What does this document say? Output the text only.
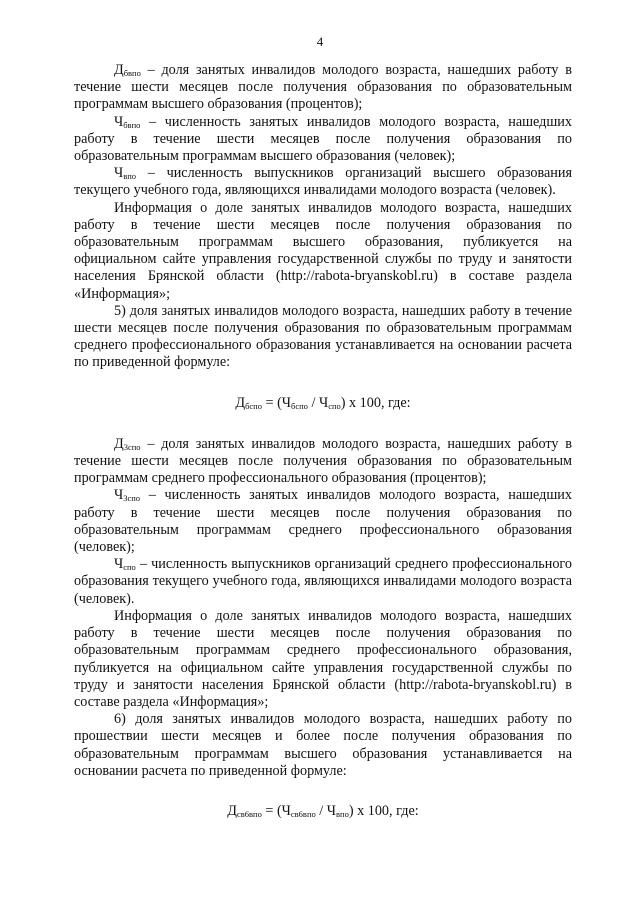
4

$Д_{бвпо}$ – доля занятых инвалидов молодого возраста, нашедших работу в течение шести месяцев после получения образования по образовательным программам высшего образования (процентов);

$Ч_{бвпо}$ – численность занятых инвалидов молодого возраста, нашедших работу в течение шести месяцев после получения образования по образовательным программам высшего образования (человек);

$Ч_{впо}$ – численность выпускников организаций высшего образования текущего учебного года, являющихся инвалидами молодого возраста (человек).

Информация о доле занятых инвалидов молодого возраста, нашедших работу в течение шести месяцев после получения образования по образовательным программам высшего образования, публикуется на официальном сайте управления государственной службы по труду и занятости населения Брянской области (http://rabota-bryanskobl.ru) в составе раздела «Информация»;

5) доля занятых инвалидов молодого возраста, нашедших работу в течение шести месяцев после получения образования по образовательным программам среднего профессионального образования устанавливается на основании расчета по приведенной формуле:

$Д_{бспо} = (Ч_{бспо} / Ч_{спо})$ х 100, где:

$Д_{3спо}$ – доля занятых инвалидов молодого возраста, нашедших работу в течение шести месяцев после получения образования по образовательным программам среднего профессионального образования (процентов);

$Ч_{3спо}$ – численность занятых инвалидов молодого возраста, нашедших работу в течение шести месяцев после получения образования по образовательным программам среднего профессионального образования (человек);

$Ч_{спо}$ – численность выпускников организаций среднего профессионального образования текущего учебного года, являющихся инвалидами молодого возраста (человек).

Информация о доле занятых инвалидов молодого возраста, нашедших работу в течение шести месяцев после получения образования по образовательным программам среднего профессионального образования, публикуется на официальном сайте управления государственной службы по труду и занятости населения Брянской области (http://rabota-bryanskobl.ru) в составе раздела «Информация»;

6) доля занятых инвалидов молодого возраста, нашедших работу по прошествии шести месяцев и более после получения образования по образовательным программам высшего образования устанавливается на основании расчета по приведенной формуле:

$Д_{св6впо} = (Ч_{св6впо} / Ч_{впо})$ х 100, где:
